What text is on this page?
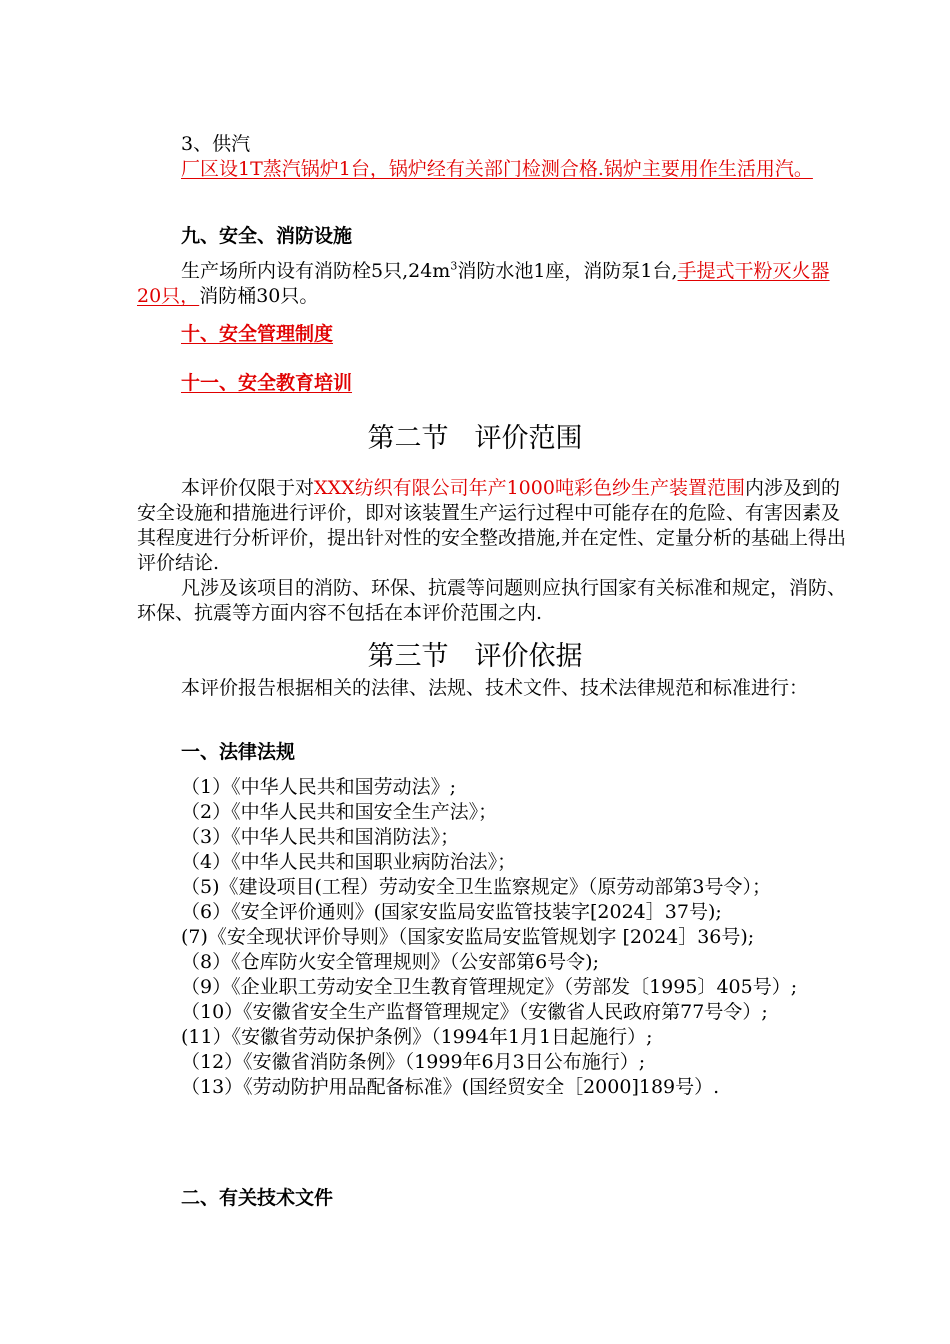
3、供汽
厂区设1T蒸汽锅炉1台，锅炉经有关部门检测合格.锅炉主要用作生活用汽。
九、安全、消防设施
生产场所内设有消防栓5只$,24m^3$消防水池1座，消防泵1台,手提式干粉灭火器20只，消防桶30只。
十、安全管理制度
十一、安全教育培训
第二节 评价范围
本评价仅限于对XXX纺织有限公司年产1000吨彩色纱生产装置范围内涉及到的安全设施和措施进行评价，即对该装置生产运行过程中可能存在的危险、有害因素及其程度进行分析评价，提出针对性的安全整改措施,并在定性、定量分析的基础上得出评价结论.
凡涉及该项目的消防、环保、抗震等问题则应执行国家有关标准和规定，消防、环保、抗震等方面内容不包括在本评价范围之内.
第三节 评价依据
本评价报告根据相关的法律、法规、技术文件、技术法律规范和标准进行：
一、法律法规

（1）《中华人民共和国劳动法》;

（2）《中华人民共和国安全生产法》；

（3）《中华人民共和国消防法》；

（4）《中华人民共和国职业病防治法》；

（5)《建设项目(工程）劳动安全卫生监察规定》（原劳动部第3号令）；

（6）《安全评价通则》(国家安监局安监管技装字[2024］37号);

(7)《安全现状评价导则》（国家安监局安监管规划字 [2024］36号);

（8）《仓库防火安全管理规则》（公安部第6号令);

（9）《企业职工劳动安全卫生教育管理规定》（劳部发〔1995〕405号）;

（10）《安徽省安全生产监督管理规定》（安徽省人民政府第77号令）;

(11）《安徽省劳动保护条例》（1994年1月1日起施行）;

（12）《安徽省消防条例》（1999年6月3日公布施行）;

（13）《劳动防护用品配备标准》(国经贸安全［2000]189号）.

二、有关技术文件
